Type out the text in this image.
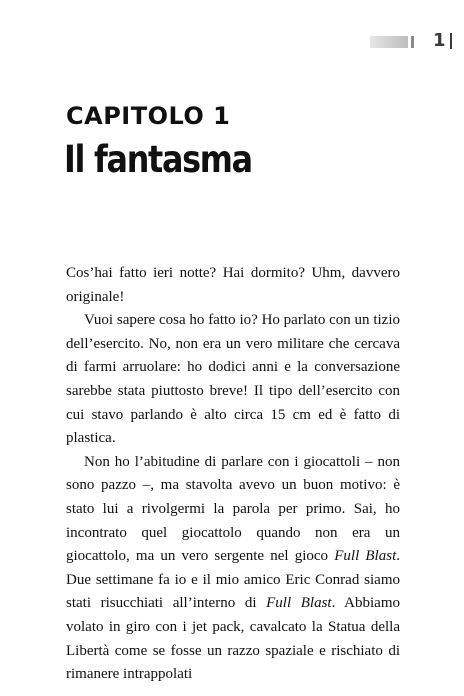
1
CAPITOLO 1
Il fantasma

Cos’hai fatto ieri notte? Hai dormito? Uhm, davvero originale!

Vuoi sapere cosa ho fatto io? Ho parlato con un tizio dell’esercito. No, non era un vero militare che cercava di farmi arruolare: ho dodici anni e la conversazione sarebbe stata piuttosto breve! Il tipo dell’esercito con cui stavo parlando è alto circa 15 cm ed è fatto di plastica.

Non ho l’abitudine di parlare con i giocattoli – non sono pazzo –, ma stavolta avevo un buon motivo: è stato lui a rivolgermi la parola per primo. Sai, ho incontrato quel giocattolo quando non era un giocattolo, ma un vero sergente nel gioco Full Blast. Due settimane fa io e il mio amico Eric Conrad siamo stati risucchiati all’interno di Full Blast. Abbiamo volato in giro con i jet pack, cavalcato la Statua della Libertà come se fosse un razzo spaziale e rischiato di rimanere intrappolati
